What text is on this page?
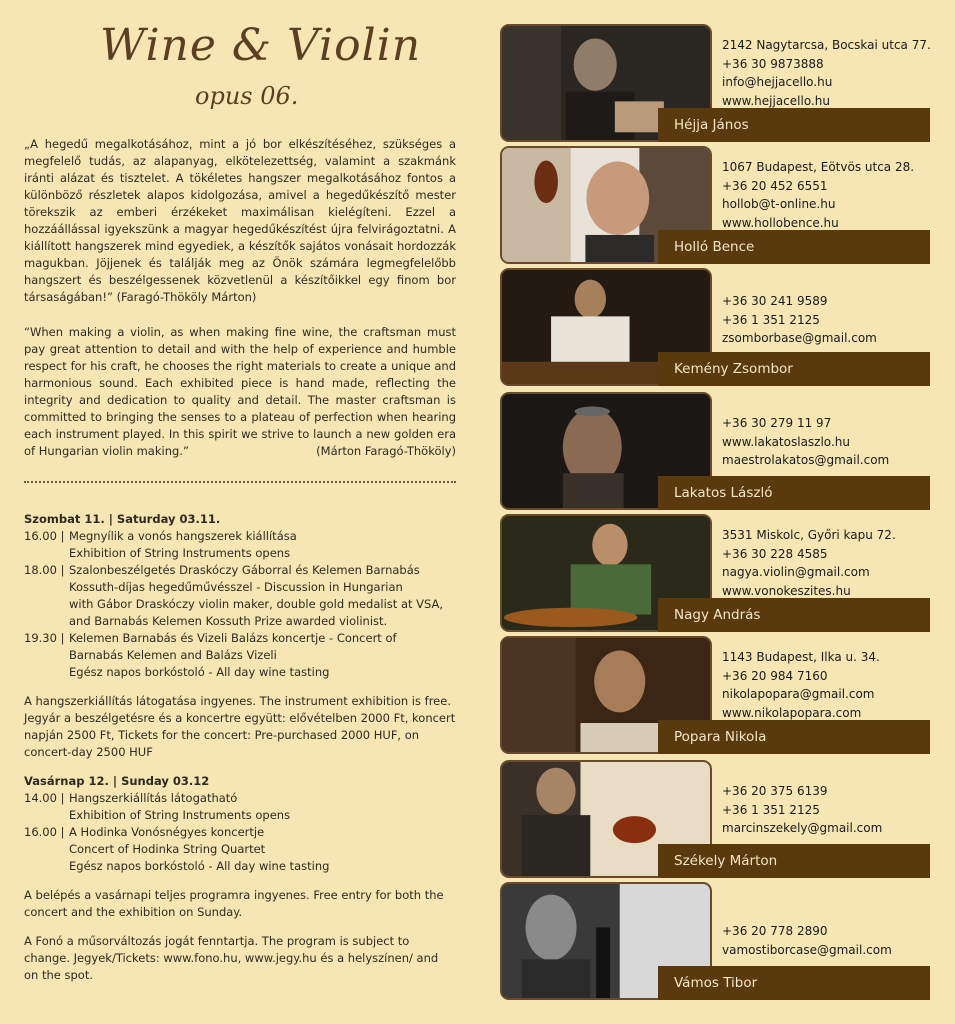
Wine & Violin
opus 06.
„A hegedű megalkotásához, mint a jó bor elkészítéséhez, szükséges a megfelelő tudás, az alapanyag, elkötelezettség, valamint a szakmánk iránti alázat és tisztelet. A tökéletes hangszer megalkotásához fontos a különböző részletek alapos kidolgozása, amivel a hegedűkészítő mester törekszik az emberi érzékeket maximálisan kielégíteni. Ezzel a hozzáállással igyekszünk a magyar hegedűkészítést újra felvirágoztatni. A kiállított hangszerek mind egyediek, a készítők sajátos vonásait hordozzák magukban. Jöjjenek és találják meg az Önök számára legmegfelelőbb hangszert és beszélgessenek közvetlenül a készítőikkel egy finom bor társaságában!” (Faragó-Thököly Márton)
“When making a violin, as when making fine wine, the craftsman must pay great attention to detail and with the help of experience and humble respect for his craft, he chooses the right materials to create a unique and harmonious sound. Each exhibited piece is hand made, reflecting the integrity and dedication to quality and detail. The master craftsman is committed to bringing the senses to a plateau of perfection when hearing each instrument played. In this spirit we strive to launch a new golden era of Hungarian violin making.”	(Márton Faragó-Thököly)
Szombat 11. | Saturday 03.11.
16.00 | Megnyílik a vonós hangszerek kiállítása
Exhibition of String Instruments opens
18.00 | Szalonbeszélgetés Draskóczy Gáborral és Kelemen Barnabás
Kossuth-díjas hegedűművésszel - Discussion in Hungarian
with Gábor Draskóczy violin maker, double gold medalist at VSA,
and Barnabás Kelemen Kossuth Prize awarded violinist.
19.30 | Kelemen Barnabás és Vizeli Balázs koncertje - Concert of
Barnabás Kelemen and Balázs Vizeli
Egész napos borkóstoló - All day wine tasting
A hangszerkiállítás látogatása ingyenes. The instrument exhibition is free. Jegyár a beszélgetésre és a koncertre együtt: elővételben 2000 Ft, koncert napján 2500 Ft, Tickets for the concert: Pre-purchased 2000 HUF, on concert-day 2500 HUF
Vasárnap 12. | Sunday 03.12
14.00 | Hangszerkiállítás látogatható
Exhibition of String Instruments opens
16.00 | A Hodinka Vonósnégyes koncertje
Concert of Hodinka String Quartet
Egész napos borkóstoló - All day wine tasting
A belépés a vasárnapi teljes programra ingyenes. Free entry for both the concert and the exhibition on Sunday.
A Fonó a műsorváltozás jogát fenntartja. The program is subject to change. Jegyek/Tickets: www.fono.hu, www.jegy.hu és a helyszínen/ and on the spot.
2142 Nagytarcsa, Bocskai utca 77.
+36 30 9873888
info@hejjacello.hu
www.hejjacello.hu
Héjja János
1067 Budapest, Eötvös utca 28.
+36 20 452 6551
hollob@t-online.hu
www.hollobence.hu
Holló Bence
+36 30 241 9589
+36 1 351 2125
zsomborbase@gmail.com
Kemény Zsombor
+36 30 279 11 97
www.lakatoslaszlo.hu
maestrolakatos@gmail.com
Lakatos László
3531 Miskolc, Győri kapu 72.
+36 30 228 4585
nagya.violin@gmail.com
www.vonokeszites.hu
Nagy András
1143 Budapest, Ilka u. 34.
+36 20 984 7160
nikolapopara@gmail.com
www.nikolapopara.com
Popara Nikola
+36 20 375 6139
+36 1 351 2125
marcinszekely@gmail.com
Székely Márton
+36 20 778 2890
vamostiborcase@gmail.com
Vámos Tibor
